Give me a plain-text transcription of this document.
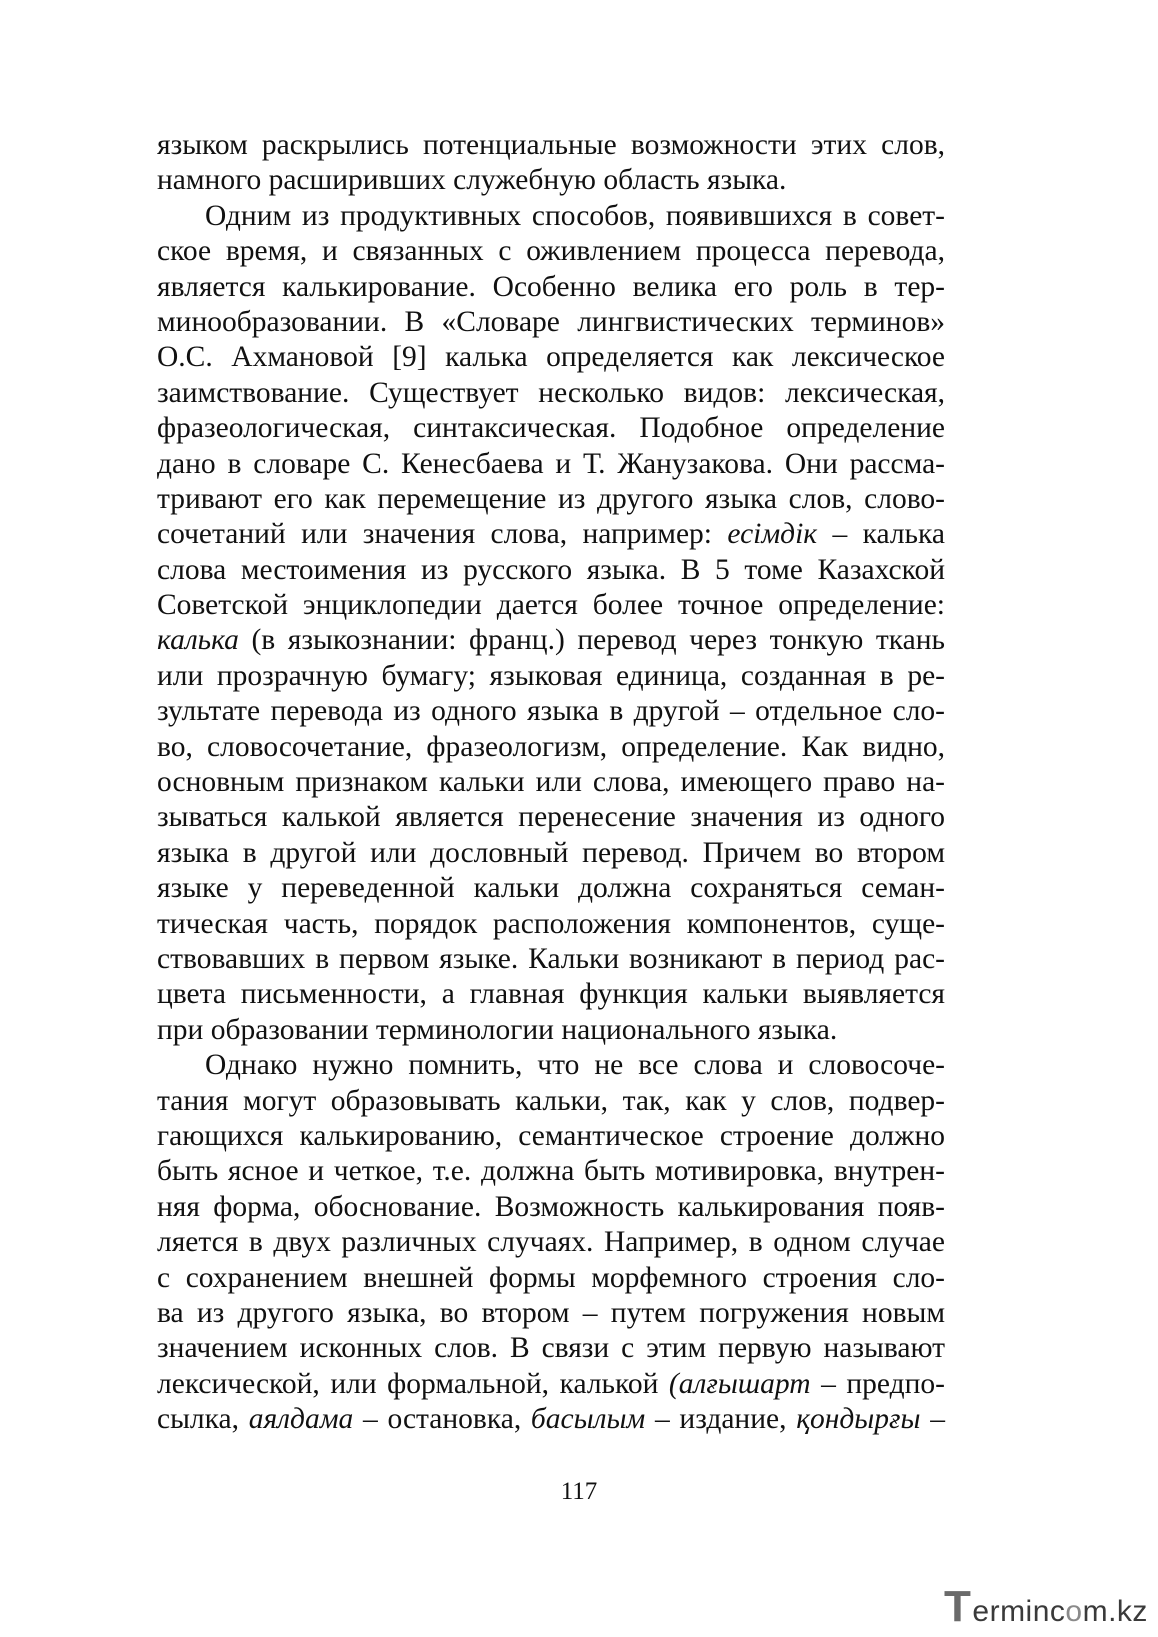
языком раскрылись потенциальные возможности этих слов,
намного расширивших служебную область языка.
Одним из продуктивных способов, появившихся в совет-
ское время, и связанных с оживлением процесса перевода,
является калькирование. Особенно велика его роль в тер-
минообразовании. В «Словаре лингвистических терминов»
О.С. Ахмановой [9] калька определяется как лексическое
заимствование. Существует несколько видов: лексическая,
фразеологическая, синтаксическая. Подобное определение
дано в словаре С. Кенесбаева и Т. Жанузакова. Они рассма-
тривают его как перемещение из другого языка слов, слово-
сочетаний или значения слова, например: есімдік – калька
слова местоимения из русского языка. В 5 томе Казахской
Советской энциклопедии дается более точное определение:
калька (в языкознании: франц.) перевод через тонкую ткань
или прозрачную бумагу; языковая единица, созданная в ре-
зультате перевода из одного языка в другой – отдельное сло-
во, словосочетание, фразеологизм, определение. Как видно,
основным признаком кальки или слова, имеющего право на-
зываться калькой является перенесение значения из одного
языка в другой или дословный перевод. Причем во втором
языке у переведенной кальки должна сохраняться семан-
тическая часть, порядок расположения компонентов, суще-
ствовавших в первом языке. Кальки возникают в период рас-
цвета письменности, а главная функция кальки выявляется
при образовании терминологии национального языка.
Однако нужно помнить, что не все слова и словосоче-
тания могут образовывать кальки, так, как у слов, подвер-
гающихся калькированию, семантическое строение должно
быть ясное и четкое, т.е. должна быть мотивировка, внутрен-
няя форма, обоснование. Возможность калькирования появ-
ляется в двух различных случаях. Например, в одном случае
с сохранением внешней формы морфемного строения сло-
ва из другого языка, во втором – путем погружения новым
значением исконных слов. В связи с этим первую называют
лексической, или формальной, калькой (алғышарт – предпо-
сылка, аялдама – остановка, басылым – издание, қондырғы –
117
T ermincom.kz
